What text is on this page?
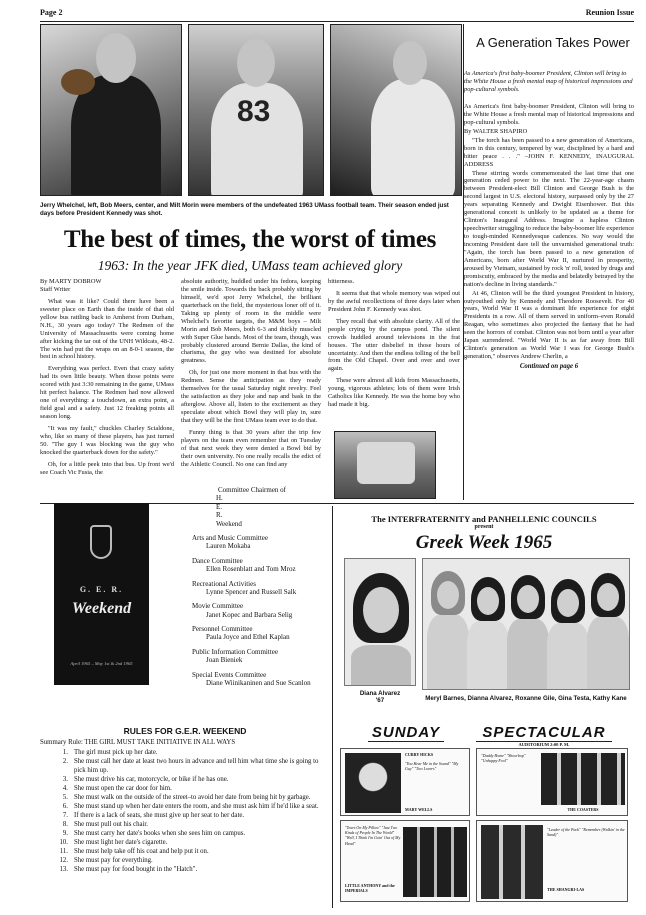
Page 2	Reunion Issue
83
Jerry Whelchel, left, Bob Meers, center, and Milt Morin were members of the undefeated 1963 UMass football team. Their season ended just days before President Kennedy was shot.
The best of times, the worst of times
1963: In the year JFK died, UMass team achieved glory
By MARTY DOBROW
Staff Writer

What was it like? Could there have been a sweeter place on Earth than the inside of that old yellow bus rattling back to Amherst from Durham, N.H., 30 years ago today? The Redmen of the University of Massachusetts were coming home after kicking the tar out of the UNH Wildcats, 48-2. The win had put the wraps on an 8-0-1 season, the best in school history.

Everything was perfect. Even that crazy safety had its own little beauty. When those points were scored with just 3:30 remaining in the game, UMass hit perfect balance. The Redmen had now allowed one of everything: a touchdown, an extra point, a field goal and a safety. Just 12 freaking points all season long.

"It was my fault," chuckles Charley Scialdone, who, like so many of these players, has just turned 50. "The guy I was blocking was the guy who knocked the quarterback down for the safety."

Oh, for a little peek into that bus. Up front we'd see Coach Vic Fusia, the

absolute authority, huddled under his fedora, keeping the smile inside. Towards the back probably sitting by himself, we'd spot Jerry Whelchel, the brilliant quarterback on the field, the mysterious loner off of it. Taking up plenty of room in the middle were Whelchel's favorite targets, the M&M boys – Milt Morin and Bob Meers, both 6-3 and thickly muscled with Super Glue hands. Most of the team, though, was probably clustered around Bernie Dallas, the kind of charisma, the guy who was destined for absolute greatness.

Oh, for just one more moment in that bus with the Redmen. Sense the anticipation as they ready themselves for the usual Saturday night revelry. Feel the satisfaction as they joke and nap and bask in the afterglow. Above all, listen to the excitement as they speculate about which Bowl they will play in, sure that they will be the first UMass team ever to do that.

Funny thing is that 30 years after the trip few players on the team even remember that on Tuesday of that next week they were denied a Bowl bid by their own university. No one really recalls the edict of the Athletic Council. No one can find any

bitterness.

It seems that that whole memory was wiped out by the awful recollections of three days later when President John F. Kennedy was shot.

They recall that with absolute clarity. All of the people crying by the campus pond. The silent crowds huddled around televisions in the frat houses. The utter disbelief in those hours of uncertainty. And then the endless tolling of the bell from the Old Chapel. Over and over and over again.

These were almost all kids from Massachusetts, young, vigorous athletes; lots of them were Irish Catholics like Kennedy. He was the home boy who had made it big.

A Generation Takes Power
As America's first baby-boomer President, Clinton will bring to the White House a fresh mental map of historical impressions and pop-cultural symbols.

As America's first baby-boomer President, Clinton will bring to the White House a fresh mental map of historical impressions and pop-cultural symbols.

By WALTER SHAPIRO

"The torch has been passed to a new generation of Americans, born in this century, tempered by war, disciplined by a hard and bitter peace . . ." –JOHN F. KENNEDY, INAUGURAL ADDRESS

These stirring words commemorated the last time that one generation ceded power to the next. The 22-year-age chasm between President-elect Bill Clinton and George Bush is the second largest in U.S. electoral history, surpassed only by the 27 years separating Kennedy and Dwight Eisenhower. But this generational conceit is unlikely to be updated as a theme for Clinton's Inaugural Address. Imagine a hapless Clinton speechwriter struggling to reduce the baby-boomer life experience to tough-minded Kennedyesque cadences. No way would the incoming President dare tell the unvarnished generational truth: "Again, the torch has been passed to a new generation of Americans, born after World War II, nurtured in prosperity, aroused by Vietnam, sustained by rock 'n' roll, tested by drugs and promiscuity, embraced by the media and belatedly betrayed by the nation's decline in living standards."

At 46, Clinton will be the third youngest President in history, outyouthed only by Kennedy and Theodore Roosevelt. For 40 years, World War II was a dominant life experience for eight Presidents in a row. All of them served in uniform–even Ronald Reagan, who sometimes also projected the fantasy that he had seen the horrors of combat. Clinton was not born until a year after Japan surrendered. "World War II is as far away from Bill Clinton's generation as World War I was for George Bush's generation," observes Andrew Cherlin, a

Continued on page 6
G. E. R.
Weekend
April 1965 – May 1st & 2nd 1965
Committee Chairmen of
H.
E.
R.
Weekend
Arts and Music Committee
Lauren Mokaba
Dance Committee
Ellen Rosenblatt and Tom Mroz
Recreational Activities
Lynne Spencer and Russell Salk
Movie Committee
Janet Kopec and Barbara Selig
Personnel Committee
Paula Joyce and Ethel Kaplan
Public Information Committee
Joan Bieniek
Special Events Committee
Diane Wiinikaninen and Sue Scanlon
RULES FOR G.E.R. WEEKEND
Summary Rule: THE GIRL MUST TAKE INITIATIVE IN ALL WAYS
1. The girl must pick up her date.
2. She must call her date at least two hours in advance and tell him what time she is going to pick him up.
3. She must drive his car, motorcycle, or bike if he has one.
4. She must open the car door for him.
5. She must walk on the outside of the street–to avoid her date from being hit by garbage.
6. She must stand up when her date enters the room, and she must ask him if he'd like a seat.
7. If there is a lack of seats, she must give up her seat to her date.
8. She must pull out his chair.
9. She must carry her date's books when she sees him on campus.
10. She must light her date's cigarette.
11. She must help take off his coat and help put it on.
12. She must pay for everything.
13. She must pay for food bought in the "Hatch".
The INTERFRATERNITY and PANHELLENIC COUNCILS
present
Greek Week 1965
Diana Alvarez
'67	Meryl Barnes, Dianna Alvarez, Roxanne Gile, Gina Testa, Kathy Kane
SUNDAY	SPECTACULAR
AUDITORIUM 2:00 P. M.
CURRY HICKS
"You Hear Me in the Sound" "My Guy" "Two Lovers"
MARY WELLS
"Daddy Home" "Shoorbop" "Unhappy Fool"
THE COASTERS
"Tears On My Pillow" "Just Two Kinds of People In The World" "Well, I Think I'm Goin' Out of My Head"
LITTLE ANTHONY and the IMPERIALS
"Leader of the Pack" "Remember (Walkin' in the Sand)"
THE SHANGRI-LAS
